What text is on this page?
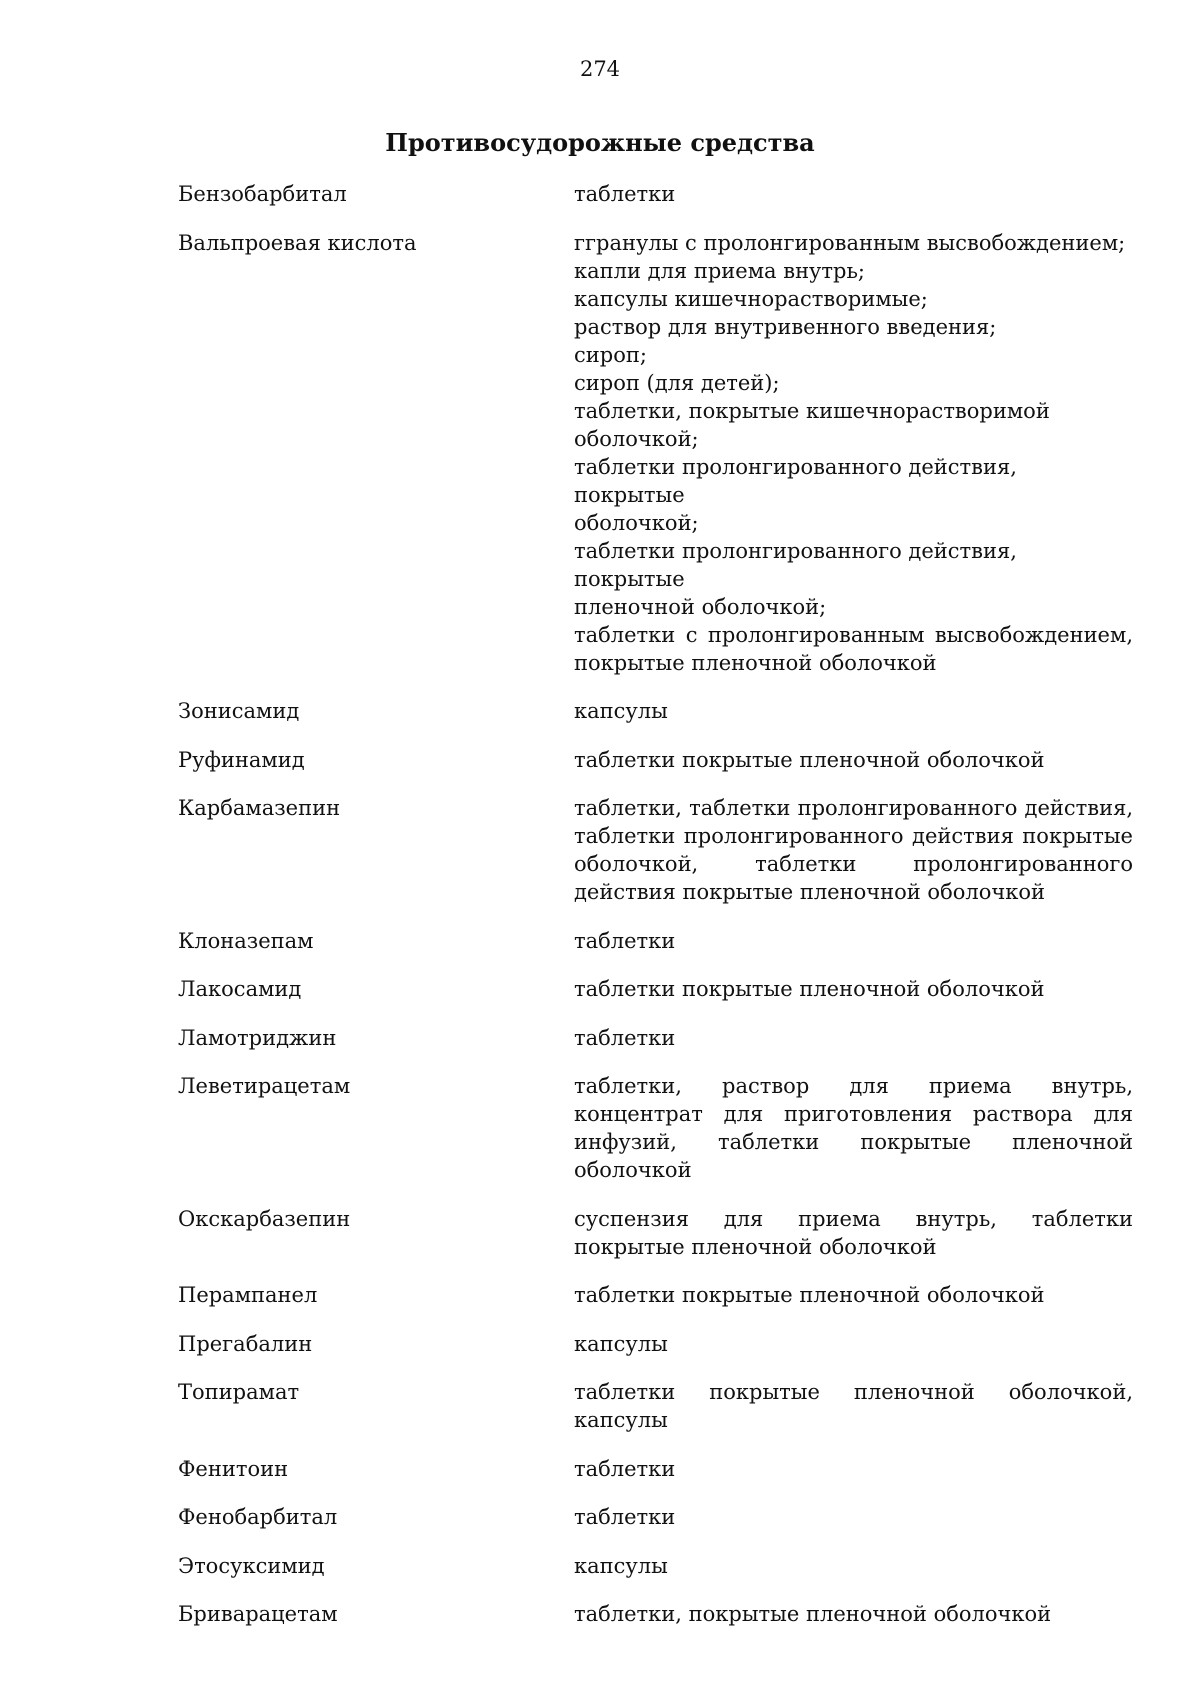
274
Противосудорожные средства
Бензобарбитал	таблетки
Вальпроевая кислота	ггранулы с пролонгированным высвобождением;
капли для приема внутрь;
капсулы кишечнорастворимые;
раствор для внутривенного введения;
сироп;
сироп (для детей);
таблетки, покрытые кишечнорастворимой
оболочкой;
таблетки пролонгированного действия, покрытые
оболочкой;
таблетки пролонгированного действия, покрытые
пленочной оболочкой;
таблетки с пролонгированным высвобождением,
покрытые пленочной оболочкой
Зонисамид	капсулы
Руфинамид	таблетки покрытые пленочной оболочкой
Карбамазепин	таблетки, таблетки пролонгированного действия, таблетки пролонгированного действия покрытые оболочкой, таблетки пролонгированного действия покрытые пленочной оболочкой
Клоназепам	таблетки
Лакосамид	таблетки покрытые пленочной оболочкой
Ламотриджин	таблетки
Леветирацетам	таблетки, раствор для приема внутрь, концентрат для приготовления раствора для инфузий, таблетки покрытые пленочной оболочкой
Окскарбазепин	суспензия для приема внутрь, таблетки покрытые пленочной оболочкой
Перампанел	таблетки покрытые пленочной оболочкой
Прегабалин	капсулы
Топирамат	таблетки покрытые пленочной оболочкой, капсулы
Фенитоин	таблетки
Фенобарбитал	таблетки
Этосуксимид	капсулы
Бриварацетам	таблетки, покрытые пленочной оболочкой
